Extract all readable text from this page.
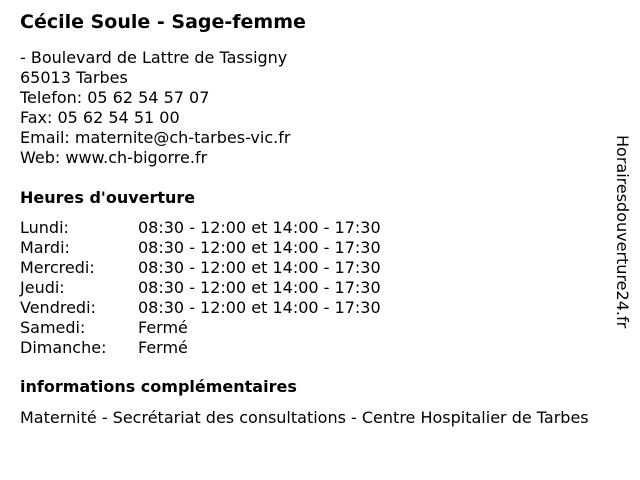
Cécile Soule - Sage-femme
- Boulevard de Lattre de Tassigny
65013 Tarbes
Telefon: 05 62 54 57 07
Fax: 05 62 54 51 00
Email: maternite@ch-tarbes-vic.fr
Web: www.ch-bigorre.fr
Heures d'ouverture
Lundi:	08:30 - 12:00 et 14:00 - 17:30
Mardi:	08:30 - 12:00 et 14:00 - 17:30
Mercredi:	08:30 - 12:00 et 14:00 - 17:30
Jeudi:	08:30 - 12:00 et 14:00 - 17:30
Vendredi:	08:30 - 12:00 et 14:00 - 17:30
Samedi:	Fermé
Dimanche:	Fermé
informations complémentaires
Maternité - Secrétariat des consultations - Centre Hospitalier de Tarbes
Horairesdouverture24.fr
